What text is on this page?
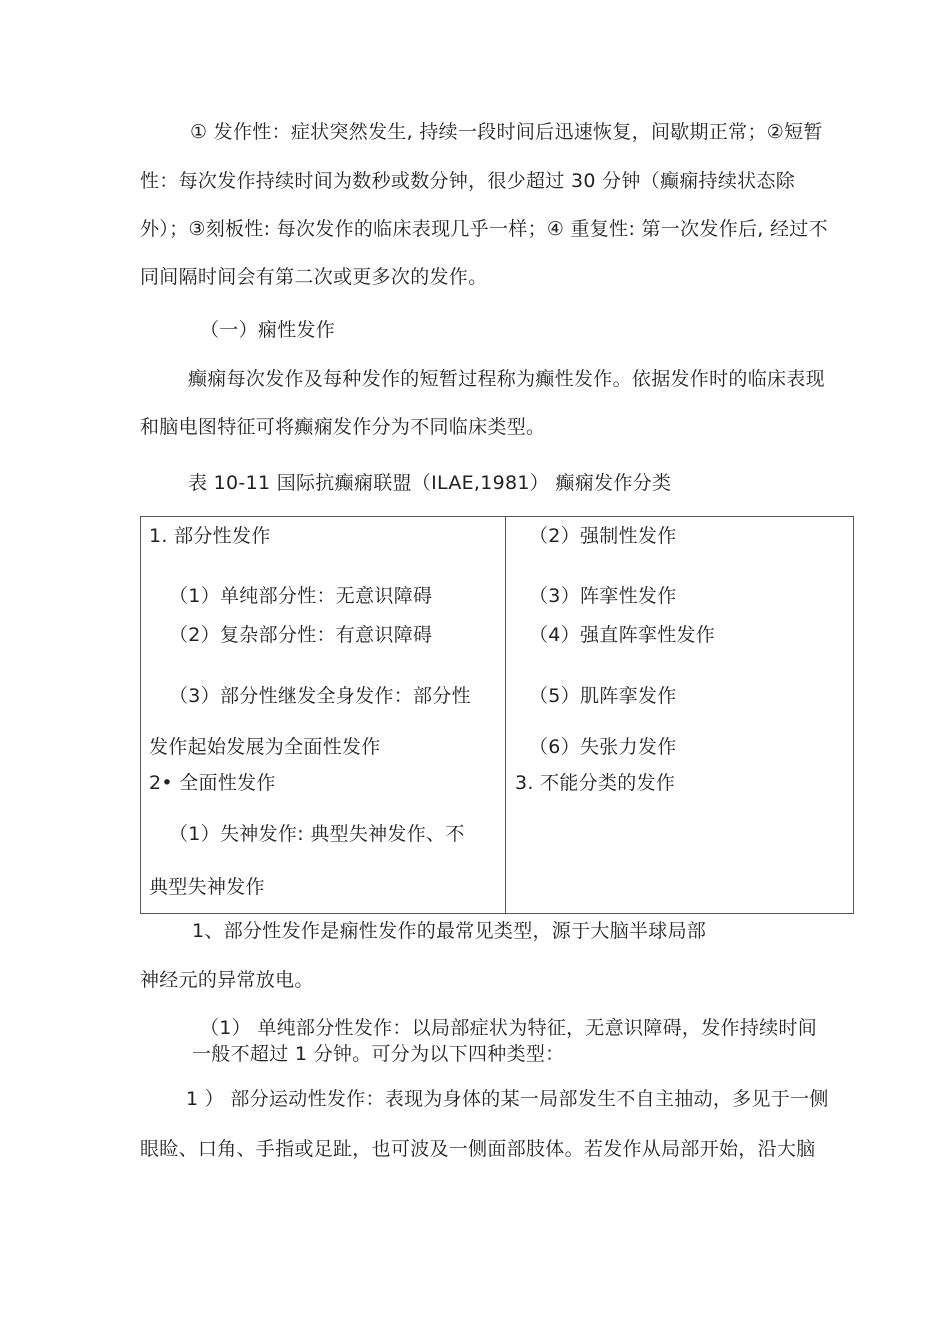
① 发作性：症状突然发生, 持续一段时间后迅速恢复，间歇期正常；②短暂
性：每次发作持续时间为数秒或数分钟，很少超过 30 分钟（癫痫持续状态除
外）；③刻板性: 每次发作的临床表现几乎一样；④ 重复性: 第一次发作后, 经过不
同间隔时间会有第二次或更多次的发作。
（一）痫性发作
癫痫每次发作及每种发作的短暂过程称为癫性发作。依据发作时的临床表现
和脑电图特征可将癫痫发作分为不同临床类型。
表 10-11 国际抗癫痫联盟（ILAE,1981） 癫痫发作分类
1. 部分性发作
（1）单纯部分性：无意识障碍
（2）复杂部分性：有意识障碍
（3）部分性继发全身发作：部分性
发作起始发展为全面性发作
2• 全面性发作
（1）失神发作: 典型失神发作、不
典型失神发作
（2）强制性发作
（3）阵挛性发作
（4）强直阵挛性发作
（5）肌阵挛发作
（6）失张力发作
3. 不能分类的发作
1、部分性发作是痫性发作的最常见类型，源于大脑半球局部
神经元的异常放电。
（1） 单纯部分性发作：以局部症状为特征，无意识障碍，发作持续时间
一般不超过 1 分钟。可分为以下四种类型：
1 ） 部分运动性发作：表现为身体的某一局部发生不自主抽动，多见于一侧
眼睑、口角、手指或足趾，也可波及一侧面部肢体。若发作从局部开始，沿大脑
